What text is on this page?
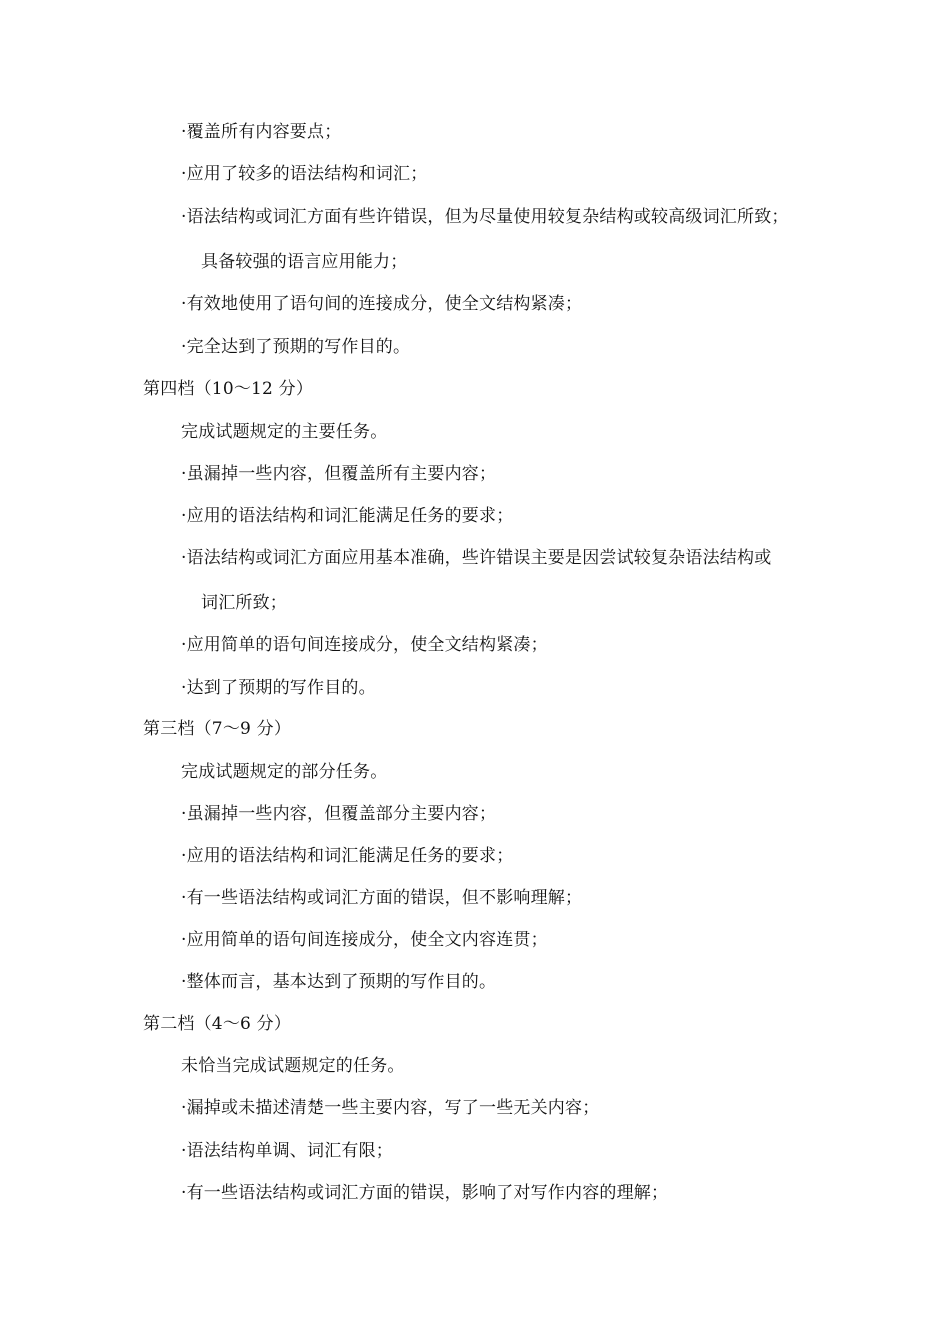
·覆盖所有内容要点；
·应用了较多的语法结构和词汇；
·语法结构或词汇方面有些许错误，但为尽量使用较复杂结构或较高级词汇所致；
具备较强的语言应用能力；
·有效地使用了语句间的连接成分，使全文结构紧凑；
·完全达到了预期的写作目的。
第四档（10～12 分）
完成试题规定的主要任务。
·虽漏掉一些内容，但覆盖所有主要内容；
·应用的语法结构和词汇能满足任务的要求；
·语法结构或词汇方面应用基本准确，些许错误主要是因尝试较复杂语法结构或
词汇所致；
·应用简单的语句间连接成分，使全文结构紧凑；
·达到了预期的写作目的。
第三档（7～9 分）
完成试题规定的部分任务。
·虽漏掉一些内容，但覆盖部分主要内容；
·应用的语法结构和词汇能满足任务的要求；
·有一些语法结构或词汇方面的错误，但不影响理解；
·应用简单的语句间连接成分，使全文内容连贯；
·整体而言，基本达到了预期的写作目的。
第二档（4～6 分）
未恰当完成试题规定的任务。
·漏掉或未描述清楚一些主要内容，写了一些无关内容；
·语法结构单调、词汇有限；
·有一些语法结构或词汇方面的错误，影响了对写作内容的理解；
